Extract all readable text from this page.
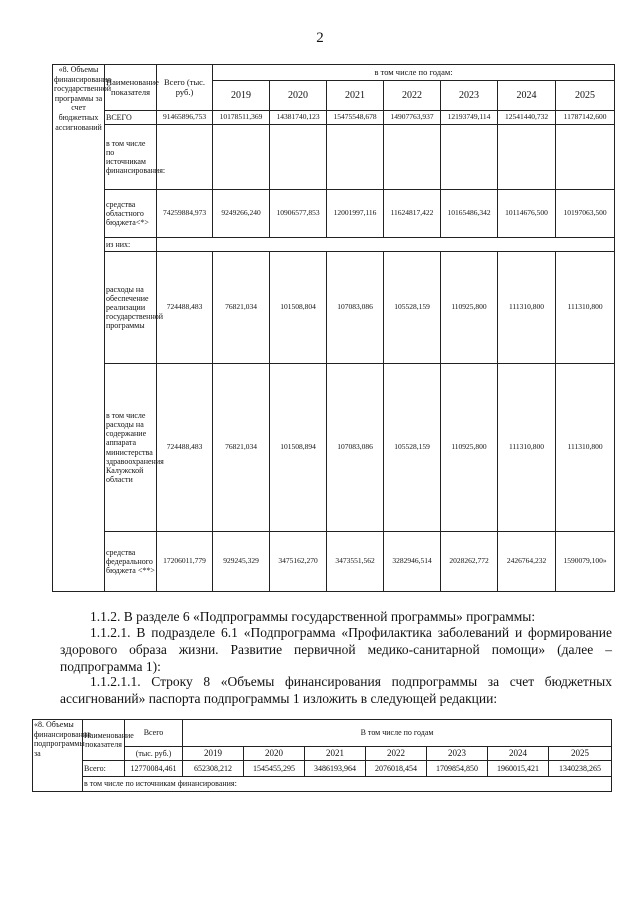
2
«8. Объемы финансирования государственной программы за счет бюджетных ассигнований	Наименование показателя	Всего (тыс. руб.)	в том числе по годам:						
			2019	2020	2021	2022	2023	2024	2025
	ВСЕГО	91465896,753	10178511,369	14381740,123	15475548,678	14907763,937	12193749,114	12541440,732	11787142,600
	в том числе по источникам финансирования:								
	средства областного бюджета<*>	74259884,973	9249266,240	10906577,853	12001997,116	11624817,422	10165486,342	10114676,500	10197063,500
	из них:								
	расходы на обеспечение реализации государственной программы	724488,483	76821,034	101508,804	107083,086	105528,159	110925,800	111310,800	111310,800
	в том числе расходы на содержание аппарата министерства здравоохранения Калужской области	724488,483	76821,034	101508,894	107083,086	105528,159	110925,800	111310,800	111310,800
	средства федерального бюджета <**>	17206011,779	929245,329	3475162,270	3473551,562	3282946,514	2028262,772	2426764,232	1590079,100»
1.1.2. В разделе 6 «Подпрограммы государственной программы» программы:
1.1.2.1. В подразделе 6.1 «Подпрограмма «Профилактика заболеваний и формирование здорового образа жизни. Развитие первичной медико-санитарной помощи» (далее – подпрограмма 1):
1.1.2.1.1. Строку 8 «Объемы финансирования подпрограммы за счет бюджетных ассигнований» паспорта подпрограммы 1 изложить в следующей редакции:
«8. Объемы финансирования подпрограммы за	Наименование показателя	Всего	В том числе по годам						
		(тыс. руб.)	2019	2020	2021	2022	2023	2024	2025
	Всего:	12770084,461	652308,212	1545455,295	3486193,964	2076018,454	1709854,850	1960015,421	1340238,265
	в том числе по источникам финансирования:								
